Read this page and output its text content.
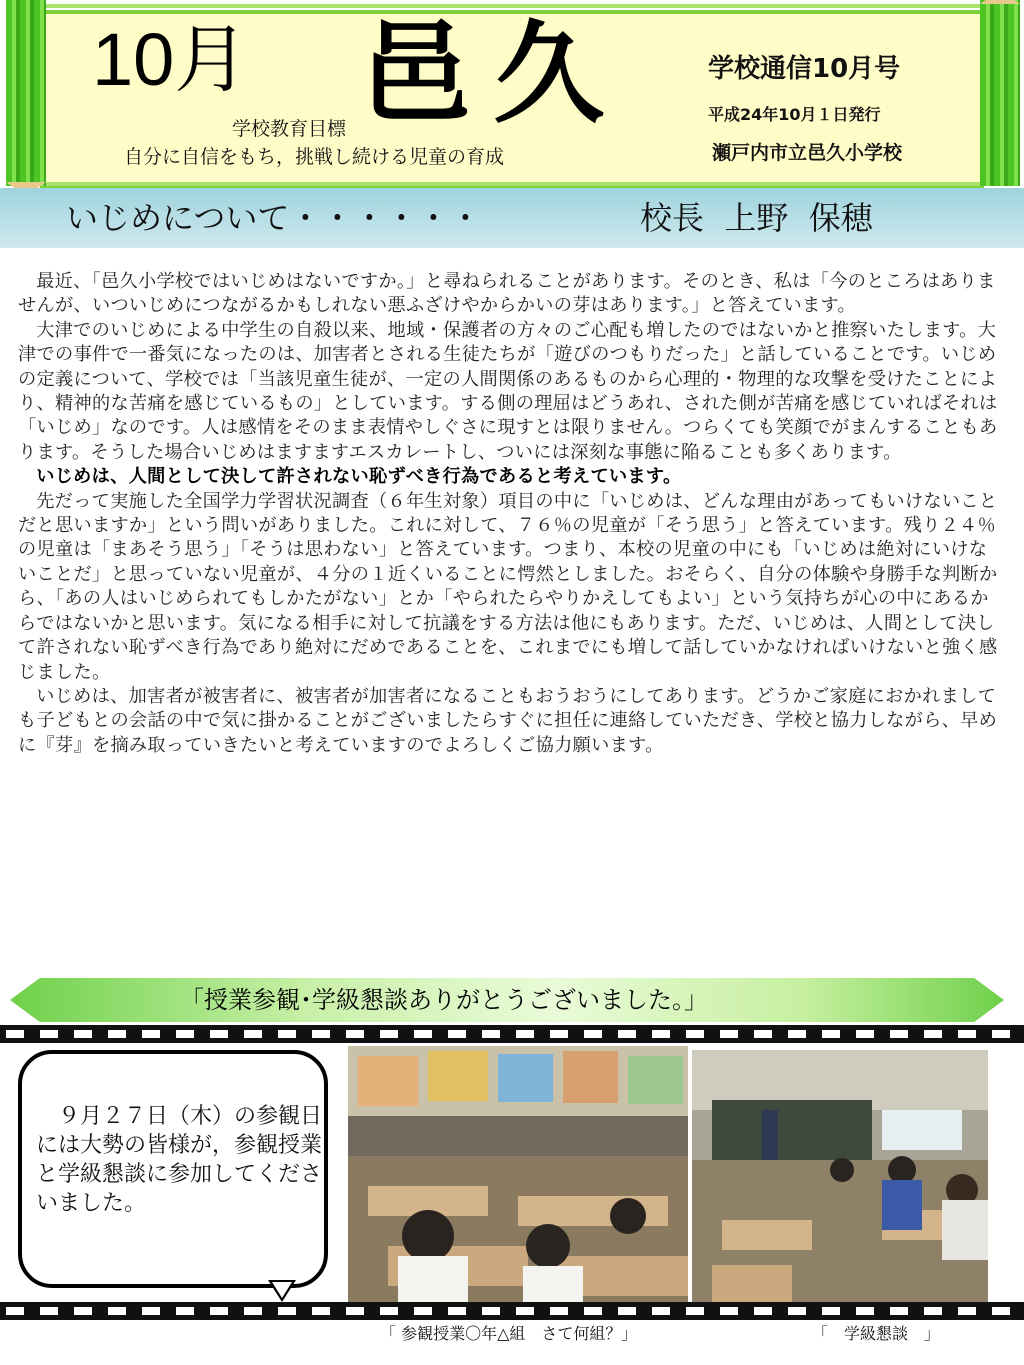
10月 邑久
学校教育目標
自分に自信をもち，挑戦し続ける児童の育成
学校通信10月号
平成24年10月１日発行
瀬戸内市立邑久小学校
いじめについて・・・・・・	校長  上野  保穂

最近、「邑久小学校ではいじめはないですか。」と尋ねられることがあります。そのとき、私は「今のところはありませんが、いついじめにつながるかもしれない悪ふざけやからかいの芽はあります。」と答えています。

大津でのいじめによる中学生の自殺以来、地域・保護者の方々のご心配も増したのではないかと推察いたします。大津での事件で一番気になったのは、加害者とされる生徒たちが「遊びのつもりだった」と話していることです。いじめの定義について、学校では「当該児童生徒が、一定の人間関係のあるものから心理的・物理的な攻撃を受けたことにより、精神的な苦痛を感じているもの」としています。する側の理屈はどうあれ、された側が苦痛を感じていればそれは「いじめ」なのです。人は感情をそのまま表情やしぐさに現すとは限りません。つらくても笑顔でがまんすることもあります。そうした場合いじめはますますエスカレートし、ついには深刻な事態に陥ることも多くあります。

いじめは、人間として決して許されない恥ずべき行為であると考えています。

先だって実施した全国学力学習状況調査（６年生対象）項目の中に「いじめは、どんな理由があってもいけないことだと思いますか」という問いがありました。これに対して、７６％の児童が「そう思う」と答えています。残り２４％の児童は「まあそう思う」「そうは思わない」と答えています。つまり、本校の児童の中にも「いじめは絶対にいけないことだ」と思っていない児童が、４分の１近くいることに愕然としました。おそらく、自分の体験や身勝手な判断から、「あの人はいじめられてもしかたがない」とか「やられたらやりかえしてもよい」という気持ちが心の中にあるからではないかと思います。気になる相手に対して抗議をする方法は他にもあります。ただ、いじめは、人間として決して許されない恥ずべき行為であり絶対にだめであることを、これまでにも増して話していかなければいけないと強く感じました。

いじめは、加害者が被害者に、被害者が加害者になることもおうおうにしてあります。どうかご家庭におかれましても子どもとの会話の中で気に掛かることがございましたらすぐに担任に連絡していただき、学校と協力しながら、早めに『芽』を摘み取っていきたいと考えていますのでよろしくご協力願います。

「授業参観･学級懇談ありがとうございました。」
９月２７日（木）の参観日には大勢の皆様が，参観授業と学級懇談に参加してくださいました。
「 参観授業〇年△組　さて何組？」	「　学級懇談　」
